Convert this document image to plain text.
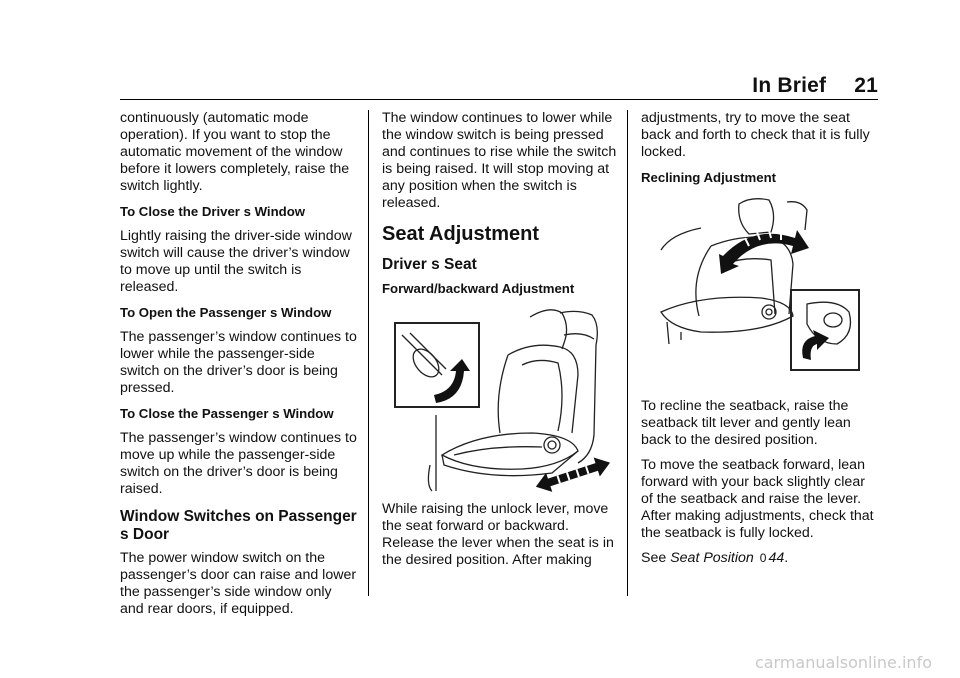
In Brief 21

continuously (automatic mode operation). If you want to stop the automatic movement of the window before it lowers completely, raise the switch lightly.

To Close the Driver s Window

Lightly raising the driver-side window switch will cause the driver’s window to move up until the switch is released.

To Open the Passenger s Window

The passenger’s window continues to lower while the passenger-side switch on the driver’s door is being pressed.

To Close the Passenger s Window

The passenger’s window continues to move up while the passenger-side switch on the driver’s door is being raised.

Window Switches on Passenger s Door

The power window switch on the passenger’s door can raise and lower the passenger’s side window only and rear doors, if equipped.

The window continues to lower while the window switch is being pressed and continues to rise while the switch is being raised. It will stop moving at any position when the switch is released.

Seat Adjustment
Driver s Seat
Forward/backward Adjustment

While raising the unlock lever, move the seat forward or backward. Release the lever when the seat is in the desired position. After making

adjustments, try to move the seat back and forth to check that it is fully locked.

Reclining Adjustment

To recline the seatback, raise the seatback tilt lever and gently lean back to the desired position.

To move the seatback forward, lean forward with your back slightly clear of the seatback and raise the lever. After making adjustments, check that the seatback is fully locked.

See Seat Position 0 44.

carmanualsonline.info
